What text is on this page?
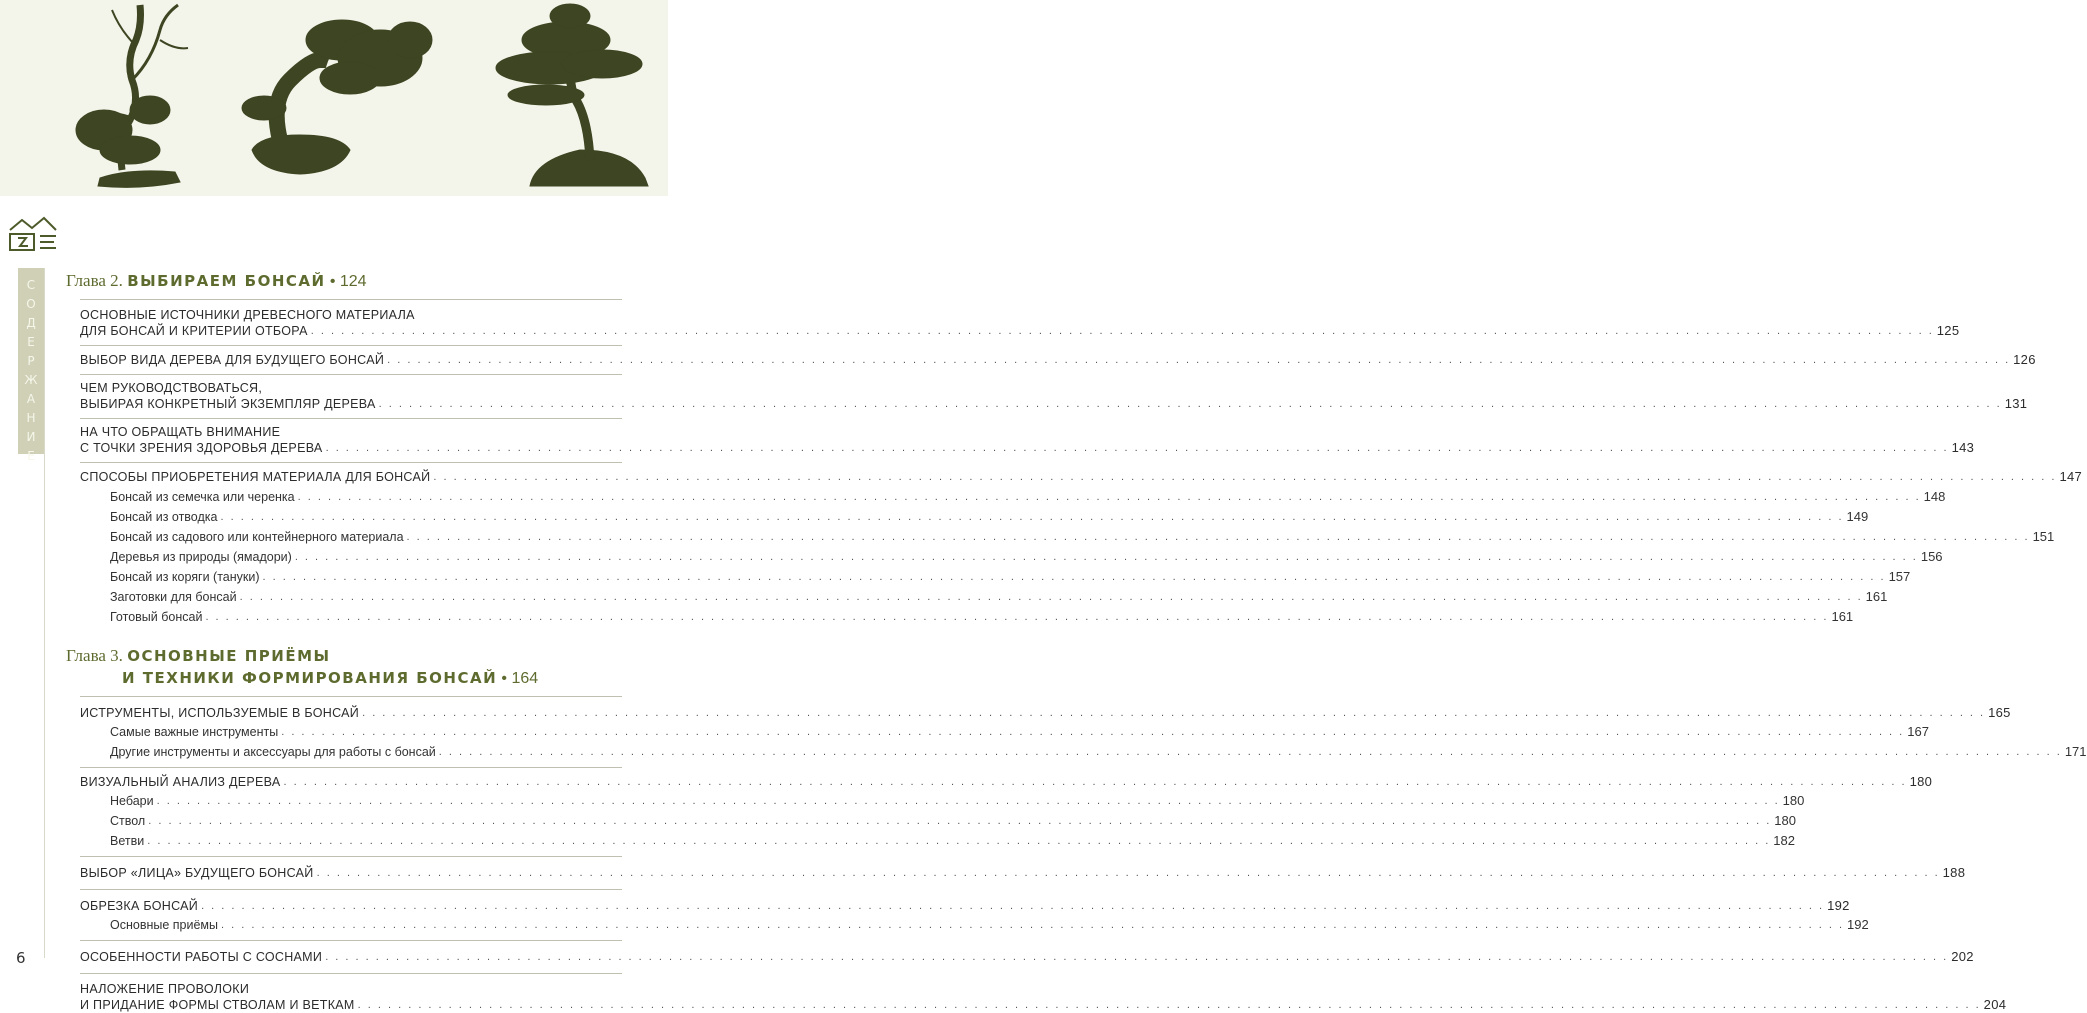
С
О
Д
Е
Р
Ж
А
Н
И
Е
Глава 2. ВЫБИРАЕМ БОНСАЙ • 124
ОСНОВНЫЕ ИСТОЧНИКИ ДРЕВЕСНОГО МАТЕРИАЛА
ДЛЯ БОНСАЙ И КРИТЕРИИ ОТБОРА . . .	125
ВЫБОР ВИДА ДЕРЕВА ДЛЯ БУДУЩЕГО БОНСАЙ . . .	126
ЧЕМ РУКОВОДСТВОВАТЬСЯ,
ВЫБИРАЯ КОНКРЕТНЫЙ ЭКЗЕМПЛЯР ДЕРЕВА . . .	131
НА ЧТО ОБРАЩАТЬ ВНИМАНИЕ
С ТОЧКИ ЗРЕНИЯ ЗДОРОВЬЯ ДЕРЕВА . . .	143
СПОСОБЫ ПРИОБРЕТЕНИЯ МАТЕРИАЛА ДЛЯ БОНСАЙ . . .	147
Бонсай из семечка или черенка . . .	148
Бонсай из отводка . . .	149
Бонсай из садового или контейнерного материала . . .	151
Деревья из природы (ямадори) . . .	156
Бонсай из коряги (тануки) . . .	157
Заготовки для бонсай . . .	161
Готовый бонсай . . .	161
Глава 3. ОСНОВНЫЕ ПРИЁМЫ
И ТЕХНИКИ ФОРМИРОВАНИЯ БОНСАЙ • 164
ИСТРУМЕНТЫ, ИСПОЛЬЗУЕМЫЕ В БОНСАЙ . . .	165
Самые важные инструменты . . .	167
Другие инструменты и аксессуары для работы с бонсай . . .	171
ВИЗУАЛЬНЫЙ АНАЛИЗ ДЕРЕВА . . .	180
Небари . . .	180
Ствол . . .	180
Ветви . . .	182
ВЫБОР «ЛИЦА» БУДУЩЕГО БОНСАЙ . . .	188
ОБРЕЗКА БОНСАЙ . . .	192
Основные приёмы . . .	192
ОСОБЕННОСТИ РАБОТЫ С СОСНАМИ . . .	202
НАЛОЖЕНИЕ ПРОВОЛОКИ
И ПРИДАНИЕ ФОРМЫ СТВОЛАМ И ВЕТКАМ . . .	204
6
